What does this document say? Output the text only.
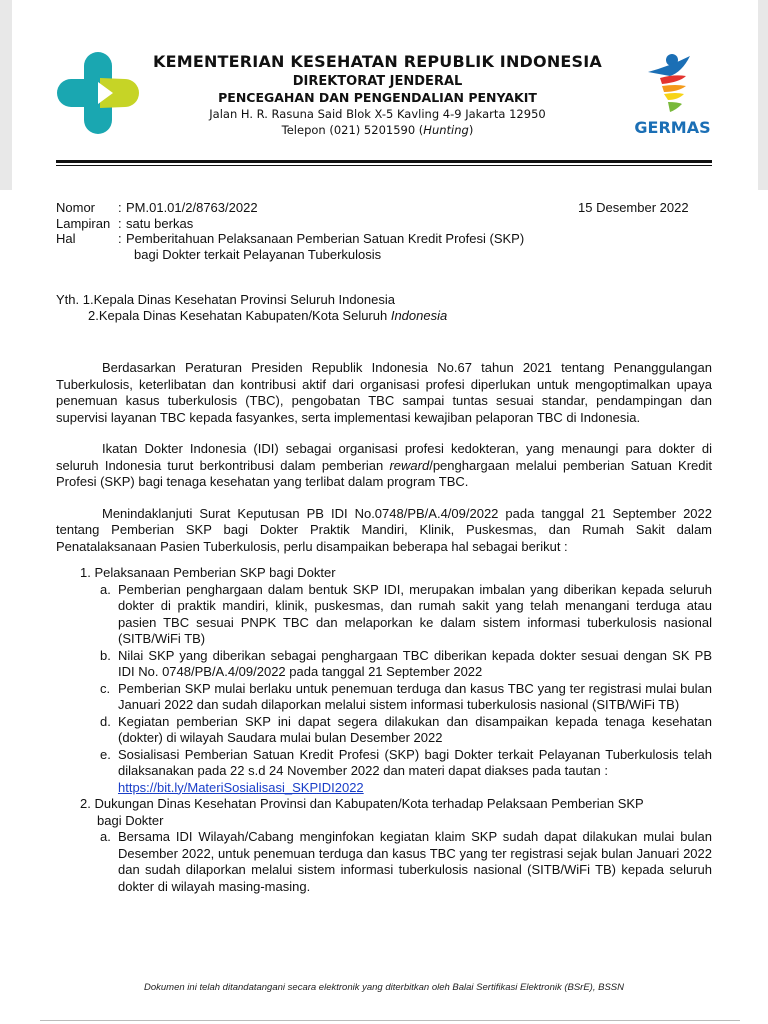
KEMENTERIAN KESEHATAN REPUBLIK INDONESIA
DIREKTORAT JENDERAL
PENCEGAHAN DAN PENGENDALIAN PENYAKIT
Jalan H. R. Rasuna Said Blok X-5 Kavling 4-9 Jakarta 12950
Telepon (021) 5201590 (Hunting)	GERMAS
Nomor	: PM.01.01/2/8763/2022
Lampiran : satu berkas
Hal	: Pemberitahuan Pelaksanaan Pemberian Satuan Kredit Profesi (SKP)
bagi Dokter terkait Pelayanan Tuberkulosis
15 Desember 2022
Yth. 1.Kepala Dinas Kesehatan Provinsi Seluruh Indonesia
2.Kepala Dinas Kesehatan Kabupaten/Kota Seluruh Indonesia

Berdasarkan Peraturan Presiden Republik Indonesia No.67 tahun 2021 tentang Penanggulangan Tuberkulosis, keterlibatan dan kontribusi aktif dari organisasi profesi diperlukan untuk mengoptimalkan upaya penemuan kasus tuberkulosis (TBC), pengobatan TBC sampai tuntas sesuai standar, pendampingan dan supervisi layanan TBC kepada fasyankes, serta implementasi kewajiban pelaporan TBC di Indonesia.

Ikatan Dokter Indonesia (IDI) sebagai organisasi profesi kedokteran, yang menaungi para dokter di seluruh Indonesia turut berkontribusi dalam pemberian reward/penghargaan melalui pemberian Satuan Kredit Profesi (SKP) bagi tenaga kesehatan yang terlibat dalam program TBC.

Menindaklanjuti Surat Keputusan PB IDI No.0748/PB/A.4/09/2022 pada tanggal 21 September 2022 tentang Pemberian SKP bagi Dokter Praktik Mandiri, Klinik, Puskesmas, dan Rumah Sakit dalam Penatalaksanaan Pasien Tuberkulosis, perlu disampaikan beberapa hal sebagai berikut :

1. Pelaksanaan Pemberian SKP bagi Dokter
a. Pemberian penghargaan dalam bentuk SKP IDI, merupakan imbalan yang diberikan kepada seluruh dokter di praktik mandiri, klinik, puskesmas, dan rumah sakit yang telah menangani terduga atau pasien TBC sesuai PNPK TBC dan melaporkan ke dalam sistem informasi tuberkulosis nasional (SITB/WiFi TB)
b. Nilai SKP yang diberikan sebagai penghargaan TBC diberikan kepada dokter sesuai dengan SK PB IDI No. 0748/PB/A.4/09/2022 pada tanggal 21 September 2022
c. Pemberian SKP mulai berlaku untuk penemuan terduga dan kasus TBC yang ter registrasi mulai bulan Januari 2022 dan sudah dilaporkan melalui sistem informasi tuberkulosis nasional (SITB/WiFi TB)
d. Kegiatan pemberian SKP ini dapat segera dilakukan dan disampaikan kepada tenaga kesehatan (dokter) di wilayah Saudara mulai bulan Desember 2022
e. Sosialisasi Pemberian Satuan Kredit Profesi (SKP) bagi Dokter terkait Pelayanan Tuberkulosis telah dilaksanakan pada 22 s.d 24 November 2022 dan materi dapat diakses pada tautan :
https://bit.ly/MateriSosialisasi_SKPIDI2022
2. Dukungan Dinas Kesehatan Provinsi dan Kabupaten/Kota terhadap Pelaksaan Pemberian SKP
bagi Dokter
a. Bersama IDI Wilayah/Cabang menginfokan kegiatan klaim SKP sudah dapat dilakukan mulai bulan Desember 2022, untuk penemuan terduga dan kasus TBC yang ter registrasi sejak bulan Januari 2022 dan sudah dilaporkan melalui sistem informasi tuberkulosis nasional (SITB/WiFi TB) kepada seluruh dokter di wilayah masing-masing.
Dokumen ini telah ditandatangani secara elektronik yang diterbitkan oleh Balai Sertifikasi Elektronik (BSrE), BSSN
